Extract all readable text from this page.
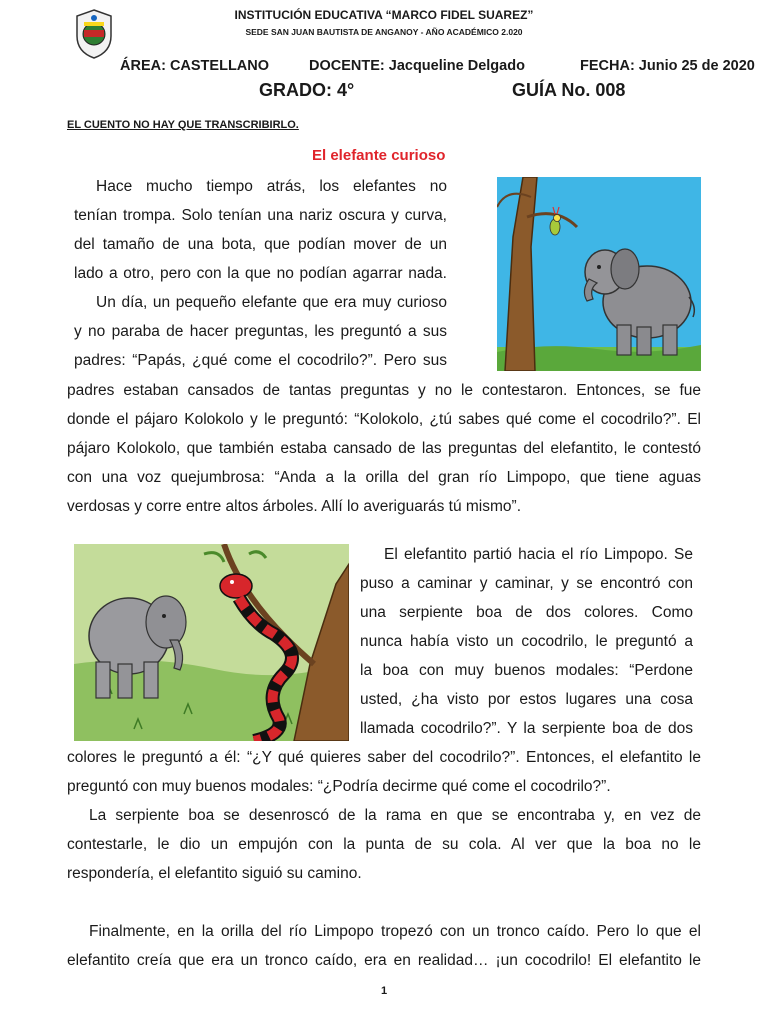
INSTITUCIÓN EDUCATIVA “MARCO FIDEL SUAREZ”
SEDE SAN JUAN BAUTISTA DE ANGANOY - AÑO ACADÉMICO 2.020
ÁREA: CASTELLANO	DOCENTE: Jacqueline Delgado	FECHA: Junio 25 de 2020
GRADO: 4°	GUÍA No. 008
EL CUENTO NO HAY QUE TRANSCRIBIRLO.
El elefante curioso

Hace mucho tiempo atrás, los elefantes no

tenían trompa. Solo tenían una nariz oscura y curva,

del tamaño de una bota, que podían mover de un

lado a otro, pero con la que no podían agarrar nada.

Un día, un pequeño elefante que era muy curioso

y no paraba de hacer preguntas, les preguntó a sus

padres: “Papás, ¿qué come el cocodrilo?”. Pero sus

padres estaban cansados de tantas preguntas y no le contestaron. Entonces, se fue

donde el pájaro Kolokolo y le preguntó: “Kolokolo, ¿tú sabes qué come el cocodrilo?”. El

pájaro Kolokolo, que también estaba cansado de las preguntas del elefantito, le contestó

con una voz quejumbrosa: “Anda a la orilla del gran río Limpopo, que tiene aguas

verdosas y corre entre altos árboles. Allí lo averiguarás tú mismo”.

El elefantito partió hacia el río Limpopo. Se

puso a caminar y caminar, y se encontró con

una serpiente boa de dos colores. Como

nunca había visto un cocodrilo, le preguntó a

la boa con muy buenos modales: “Perdone

usted, ¿ha visto por estos lugares una cosa

llamada cocodrilo?”. Y la serpiente boa de dos

colores le preguntó a él: “¿Y qué quieres saber del cocodrilo?”. Entonces, el elefantito le

preguntó con muy buenos modales: “¿Podría decirme qué come el cocodrilo?”.

La serpiente boa se desenroscó de la rama en que se encontraba y, en vez de

contestarle, le dio un empujón con la punta de su cola. Al ver que la boa no le

respondería, el elefantito siguió su camino.

Finalmente, en la orilla del río Limpopo tropezó con un tronco caído. Pero lo que el

elefantito creía que era un tronco caído, era en realidad… ¡un cocodrilo! El elefantito le

1
